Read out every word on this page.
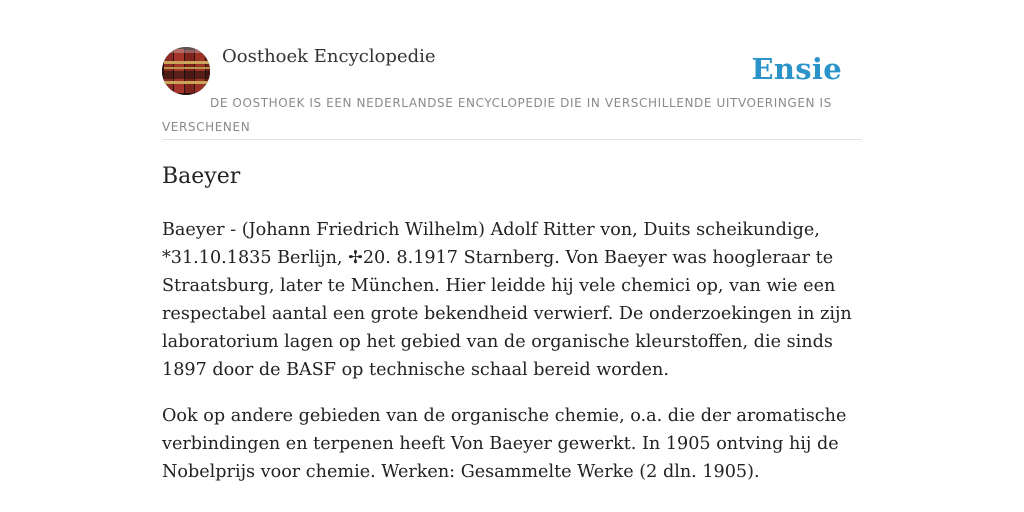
Oosthoek Encyclopedie	Ensie
DE OOSTHOEK IS EEN NEDERLANDSE ENCYCLOPEDIE DIE IN VERSCHILLENDE UITVOERINGEN IS VERSCHENEN
Baeyer

Baeyer - (Johann Friedrich Wilhelm) Adolf Ritter von, Duits scheikundige, *31.10.1835 Berlijn, ✢20. 8.1917 Starnberg. Von Baeyer was hoogleraar te Straatsburg, later te München. Hier leidde hij vele chemici op, van wie een respectabel aantal een grote bekendheid verwierf. De onderzoekingen in zijn laboratorium lagen op het gebied van de organische kleurstoffen, die sinds 1897 door de BASF op technische schaal bereid worden.

Ook op andere gebieden van de organische chemie, o.a. die der aromatische verbindingen en terpenen heeft Von Baeyer gewerkt. In 1905 ontving hij de Nobelprijs voor chemie. Werken: Gesammelte Werke (2 dln. 1905).
